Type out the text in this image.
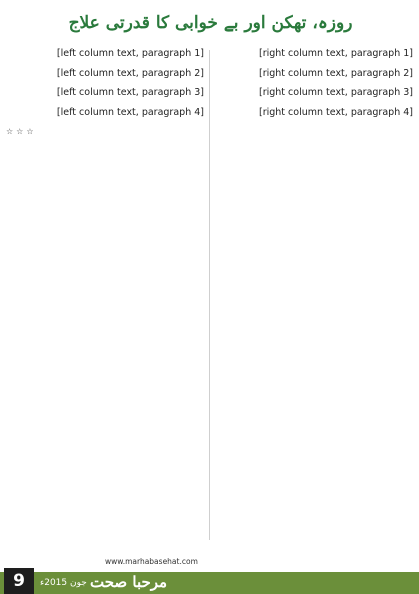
روزہ، تھکن اور بے خوابی کا قدرتی علاج

[right column text, paragraph 1]

[right column text, paragraph 2]

[right column text, paragraph 3]

[right column text, paragraph 4]

[left column text, paragraph 1]

[left column text, paragraph 2]

[left column text, paragraph 3]

[left column text, paragraph 4]

☆☆☆
www.marhabasehat.com
9	جون 2015ء مرحبا صحت
